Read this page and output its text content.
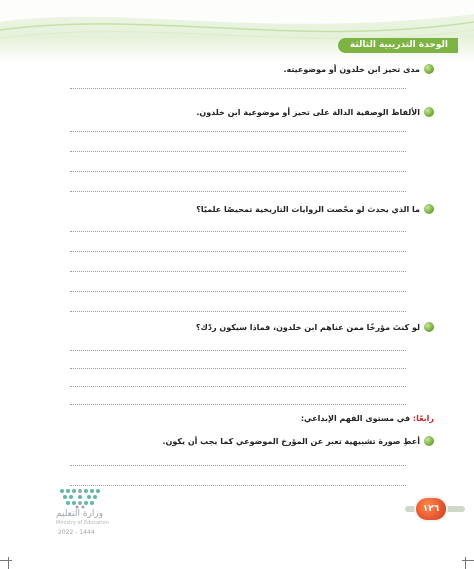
الوحدة التدريبية الثالثة
مدى تحيز ابن خلدون أو موضوعيته.
الألفاظ الوصفية الدالة على تحيز أو موضوعية ابن خلدون.
ما الذي يحدث لو محّصت الروايات التاريخية تمحيصًا علميًا؟
لو كنتَ مؤرخًا ممن عناهم ابن خلدون، فماذا سيكون ردّك؟
رابعًا: في مستوى الفهم الإبداعي:
أعطِ صورة تشبيهية تعبر عن المؤرخ الموضوعي كما يجب أن يكون.
١٢٦
وزارة التعليم
Ministry of Education
2022 - 1444
